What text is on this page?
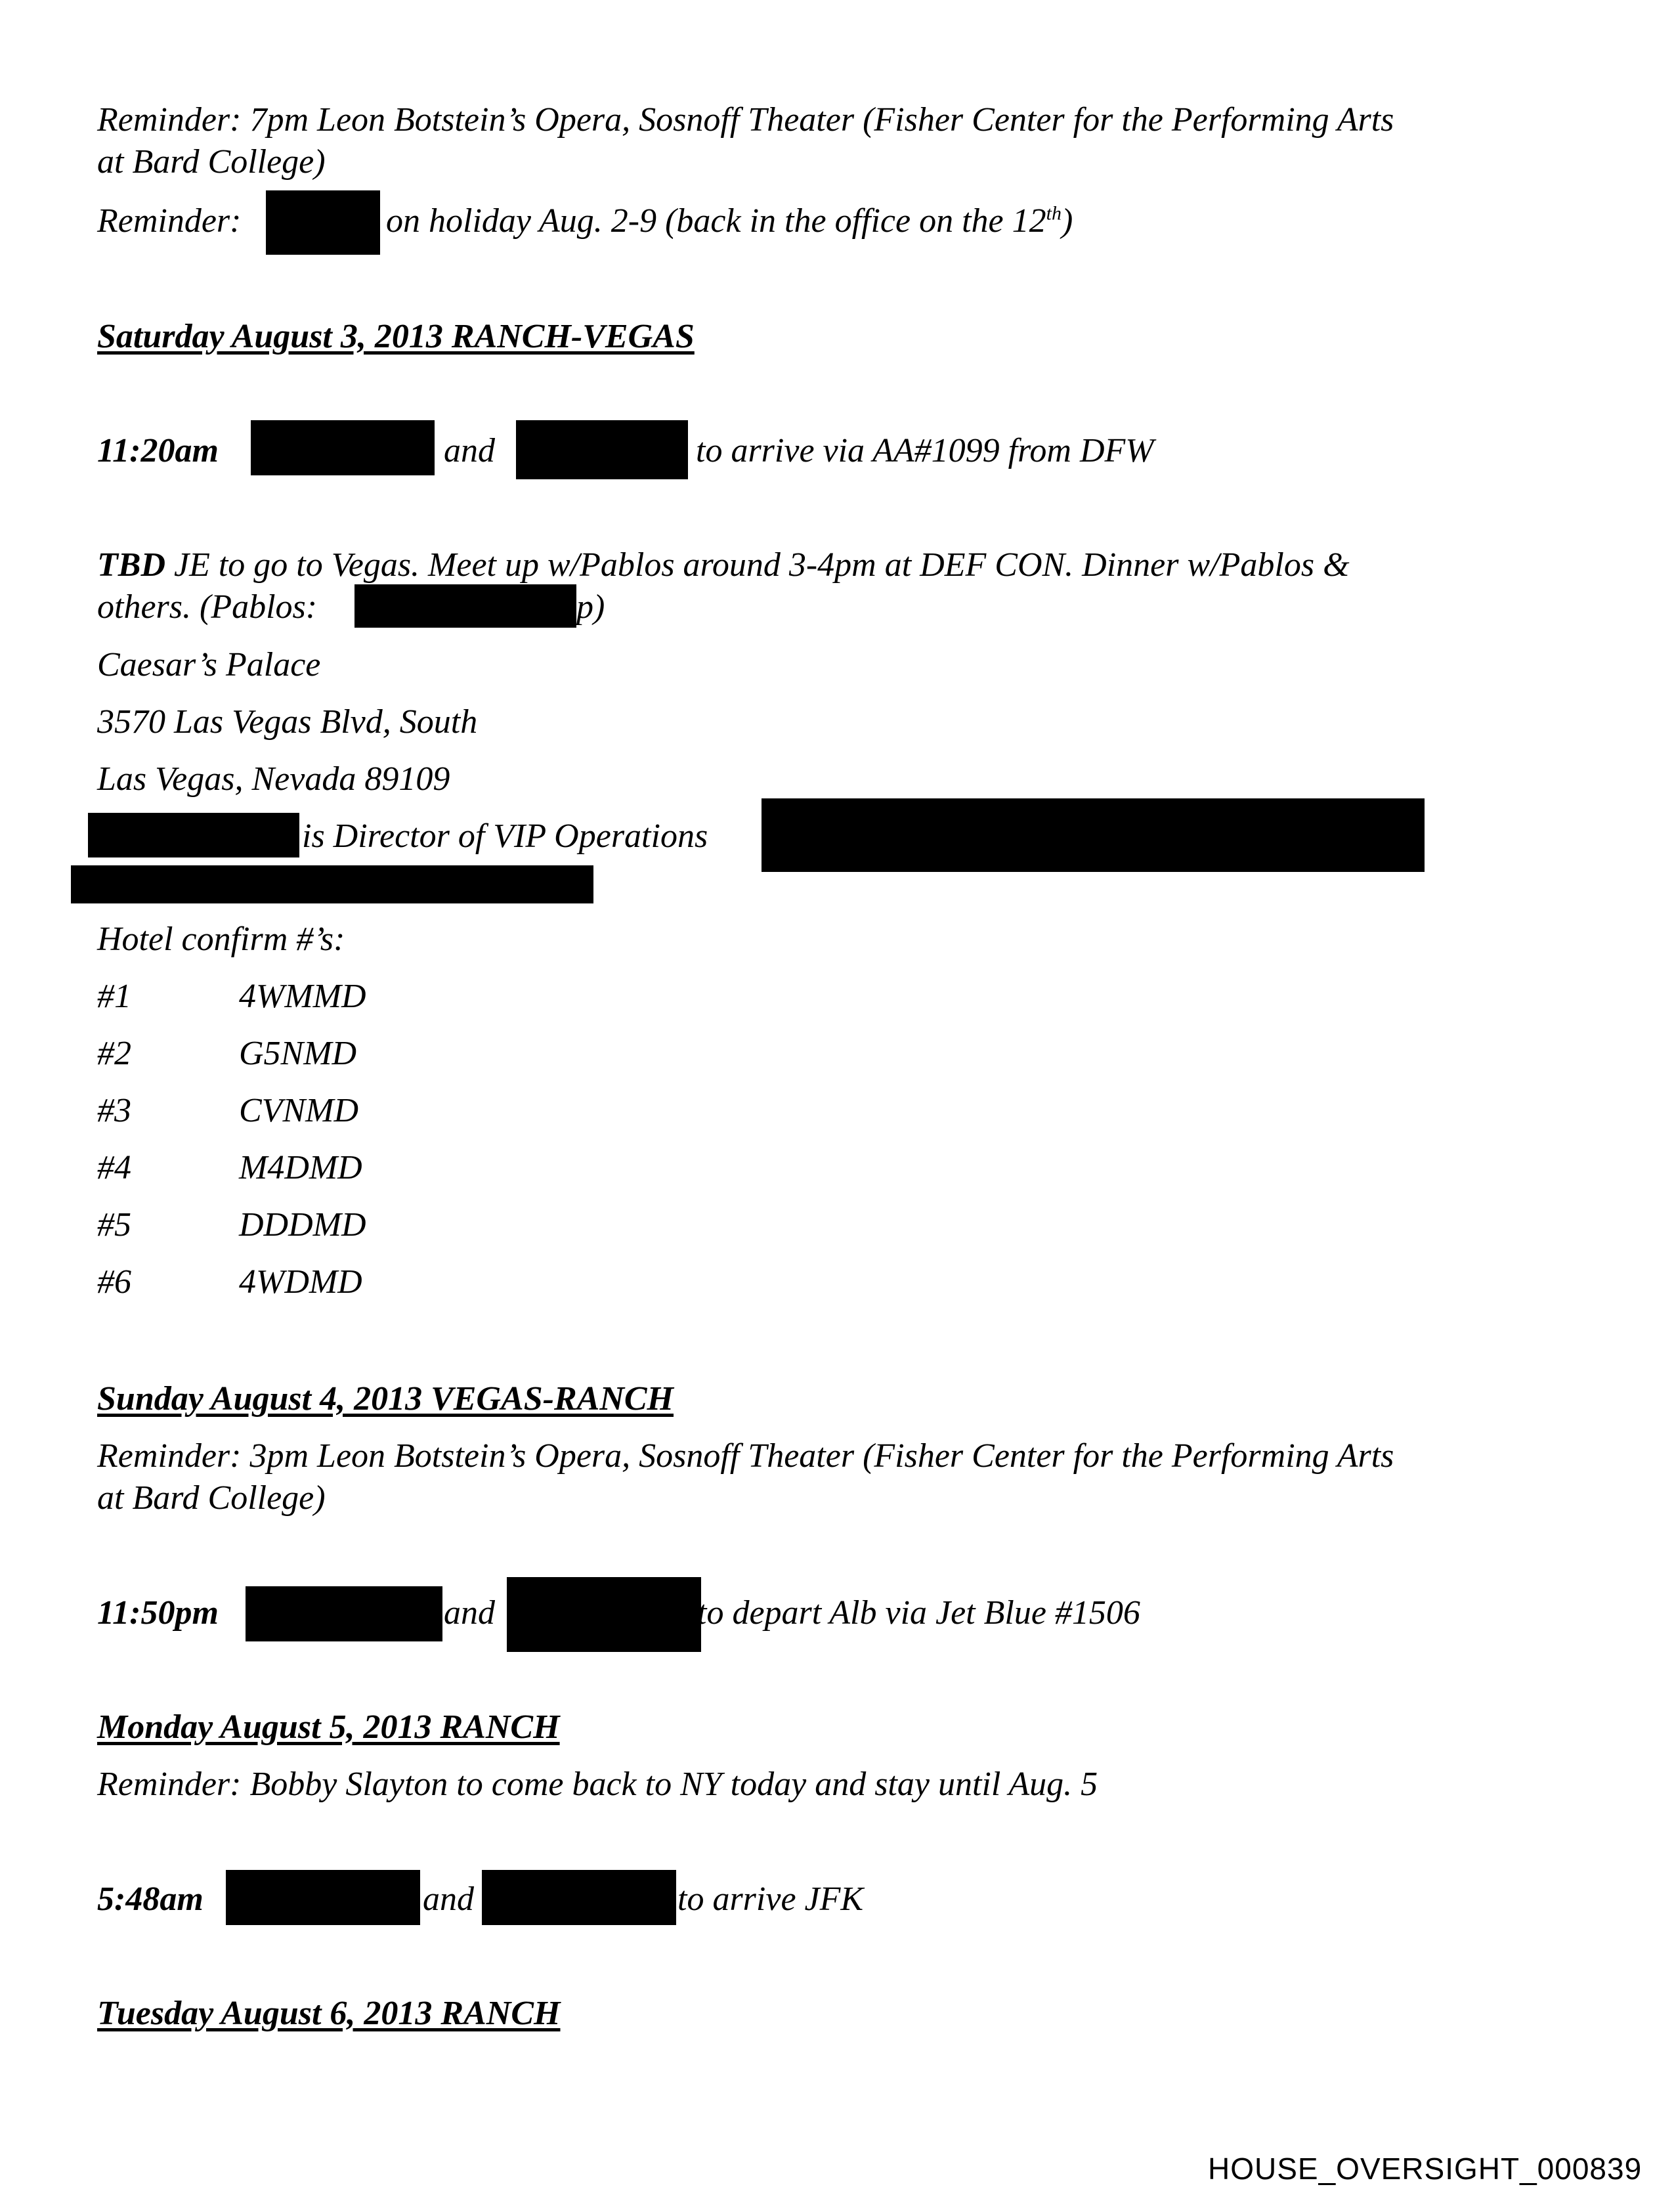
Reminder: 7pm Leon Botstein’s Opera, Sosnoff Theater (Fisher Center for the Performing Arts
at Bard College)
Reminder:	on holiday Aug. 2-9 (back in the office on the 12th)
Saturday August 3, 2013 RANCH-VEGAS
11:20am	and	to arrive via AA#1099 from DFW
TBD JE to go to Vegas. Meet up w/Pablos around 3-4pm at DEF CON. Dinner w/Pablos &
others. (Pablos:	p)
Caesar’s Palace
3570 Las Vegas Blvd, South
Las Vegas, Nevada 89109
is Director of VIP Operations
Hotel confirm #’s:
#1	4WMMD
#2	G5NMD
#3	CVNMD
#4	M4DMD
#5	DDDMD
#6	4WDMD
Sunday August 4, 2013 VEGAS-RANCH
Reminder: 3pm Leon Botstein’s Opera, Sosnoff Theater (Fisher Center for the Performing Arts
at Bard College)
11:50pm	and	to depart Alb via Jet Blue #1506
Monday August 5, 2013 RANCH
Reminder: Bobby Slayton to come back to NY today and stay until Aug. 5
5:48am	and	to arrive JFK
Tuesday August 6, 2013 RANCH
HOUSE_OVERSIGHT_000839
